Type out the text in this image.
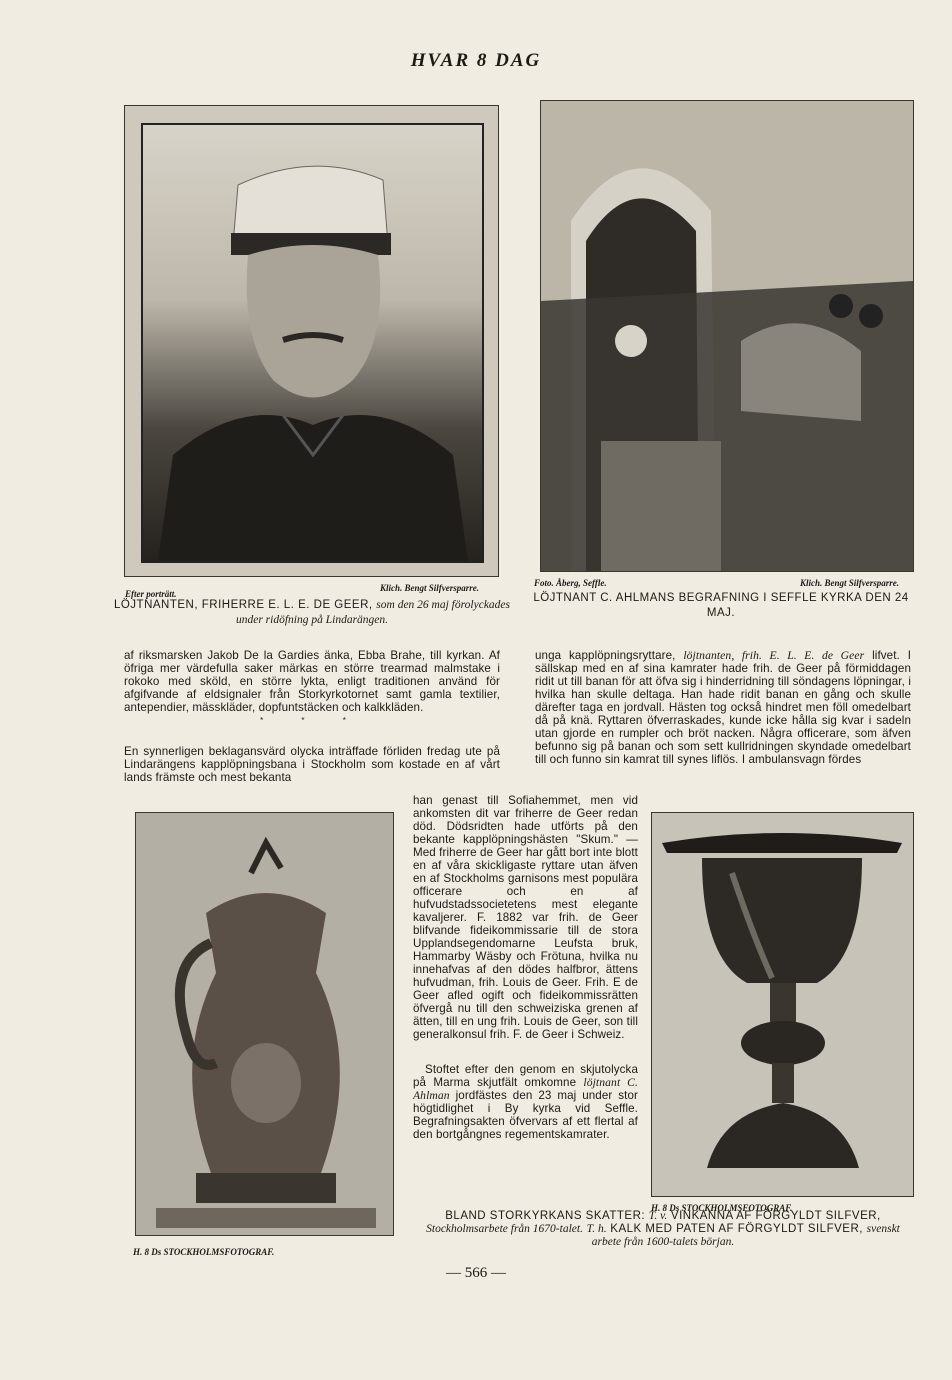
HVAR 8 DAG
Efter porträtt.
Klich. Bengt Silfversparre.
LÖJTNANTEN, FRIHERRE E. L. E. DE GEER, som den 26 maj förolyckades under ridöfning på Lindarängen.
Foto. Åberg, Seffle.	Klich. Bengt Silfversparre.
LÖJTNANT C. AHLMANS BEGRAFNING I SEFFLE KYRKA DEN 24 MAJ.

af riksmarsken Jakob De la Gardies änka, Ebba Brahe, till kyrkan. Af öfriga mer värdefulla saker märkas en större trearmad malmstake i rokoko med sköld, en större lykta, enligt traditionen använd för afgifvande af eldsignaler från Storkyrkotornet samt gamla textilier, antependier, mässkläder, dopfuntstäcken och kalkkläden.

* * *

En synnerligen beklagansvärd olycka inträffade förliden fredag ute på Lindarängens kapplöpningsbana i Stockholm som kostade en af vårt lands främste och mest bekanta

unga kapplöpningsryttare, löjtnanten, frih. E. L. E. de Geer lifvet. I sällskap med en af sina kamrater hade frih. de Geer på förmiddagen ridit ut till banan för att öfva sig i hinderridning till söndagens löpningar, i hvilka han skulle deltaga. Han hade ridit banan en gång och skulle därefter taga en jordvall. Hästen tog också hindret men föll omedelbart då på knä. Ryttaren öfverraskades, kunde icke hålla sig kvar i sadeln utan gjorde en rumpler och bröt nacken. Några officerare, som äfven befunno sig på banan och som sett kullridningen skyndade omedelbart till och funno sin kamrat till synes liflös. I ambulansvagn fördes

H. 8 Ds STOCKHOLMSFOTOGRAF.

han genast till Sofiahemmet, men vid ankomsten dit var friherre de Geer redan död. Dödsridten hade utförts på den bekante kapplöpningshästen "Skum." — Med friherre de Geer har gått bort inte blott en af våra skickligaste ryttare utan äfven en af Stockholms garnisons mest populära officerare och en af hufvudstadssocietetens mest elegante kavaljerer. F. 1882 var frih. de Geer blifvande fideikommissarie till de stora Upplandsegendomarne Leufsta bruk, Hammarby Wäsby och Frötuna, hvilka nu innehafvas af den dödes halfbror, ättens hufvudman, frih. Louis de Geer. Frih. E de Geer afled ogift och fideikommissrätten öfvergå nu till den schweiziska grenen af ätten, till en ung frih. Louis de Geer, son till generalkonsul frih. F. de Geer i Schweiz.

Stoftet efter den genom en skjutolycka på Marma skjutfält omkomne löjtnant C. Ahlman jordfästes den 23 maj under stor högtidlighet i By kyrka vid Seffle. Begrafningsakten öfvervars af ett flertal af den bortgångnes regementskamrater.

H. 8 Ds STOCKHOLMSFOTOGRAF.
BLAND STORKYRKANS SKATTER: T. v. VINKANNA AF FÖRGYLDT SILFVER, Stockholmsarbete från 1670-talet. T. h. KALK MED PATEN AF FÖRGYLDT SILFVER, svenskt arbete från 1600-talets början.
— 566 —
